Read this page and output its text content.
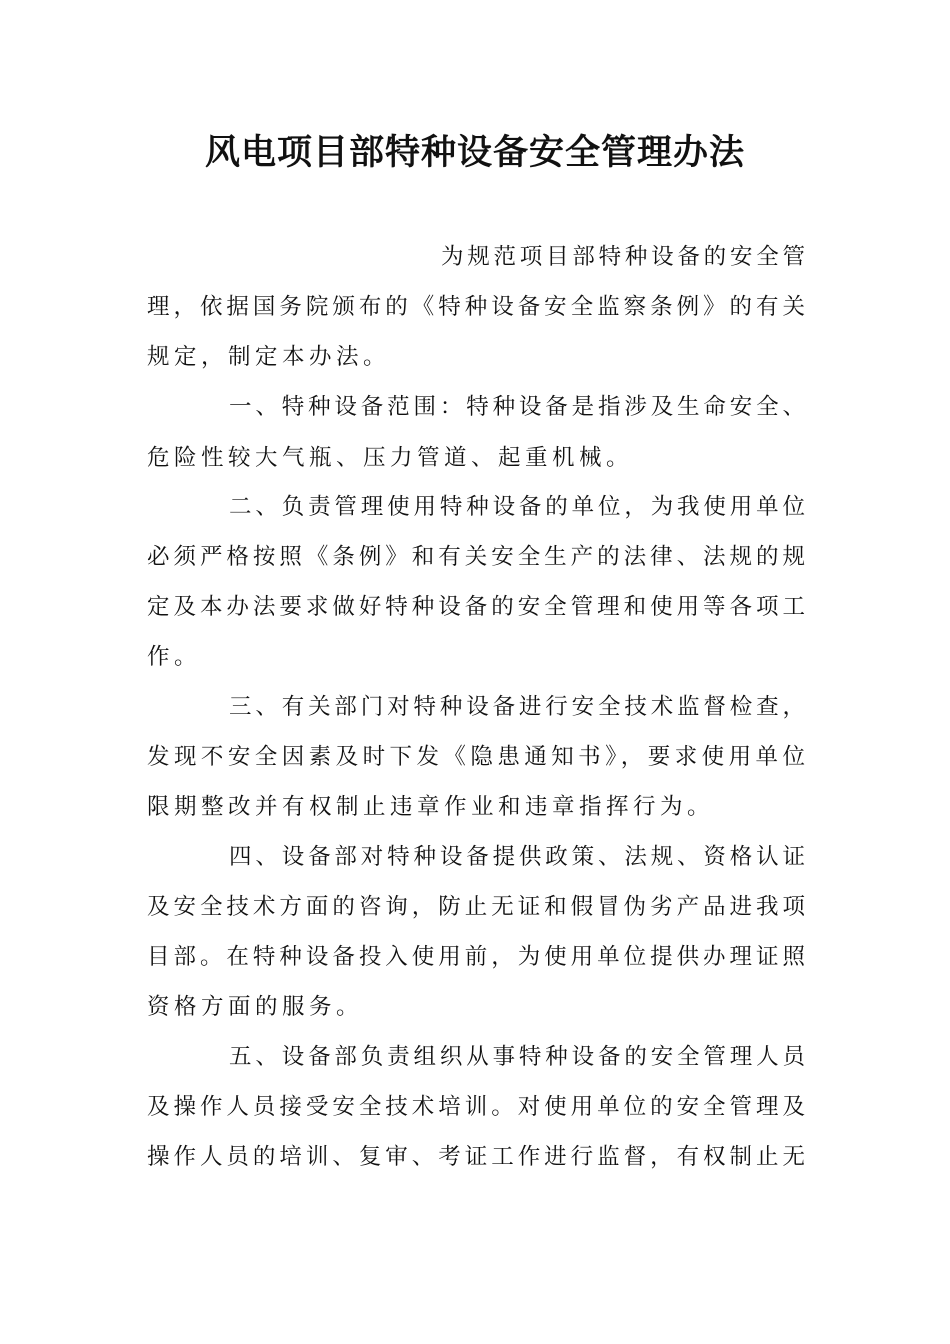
风电项目部特种设备安全管理办法
为规范项目部特种设备的安全管
理，依据国务院颁布的《特种设备安全监察条例》的有关
规定，制定本办法。
一、特种设备范围：特种设备是指涉及生命安全、
危险性较大气瓶、压力管道、起重机械。
二、负责管理使用特种设备的单位，为我使用单位
必须严格按照《条例》和有关安全生产的法律、法规的规
定及本办法要求做好特种设备的安全管理和使用等各项工
作。
三、有关部门对特种设备进行安全技术监督检查，
发现不安全因素及时下发《隐患通知书》，要求使用单位
限期整改并有权制止违章作业和违章指挥行为。
四、设备部对特种设备提供政策、法规、资格认证
及安全技术方面的咨询，防止无证和假冒伪劣产品进我项
目部。在特种设备投入使用前，为使用单位提供办理证照
资格方面的服务。
五、设备部负责组织从事特种设备的安全管理人员
及操作人员接受安全技术培训。对使用单位的安全管理及
操作人员的培训、复审、考证工作进行监督，有权制止无
